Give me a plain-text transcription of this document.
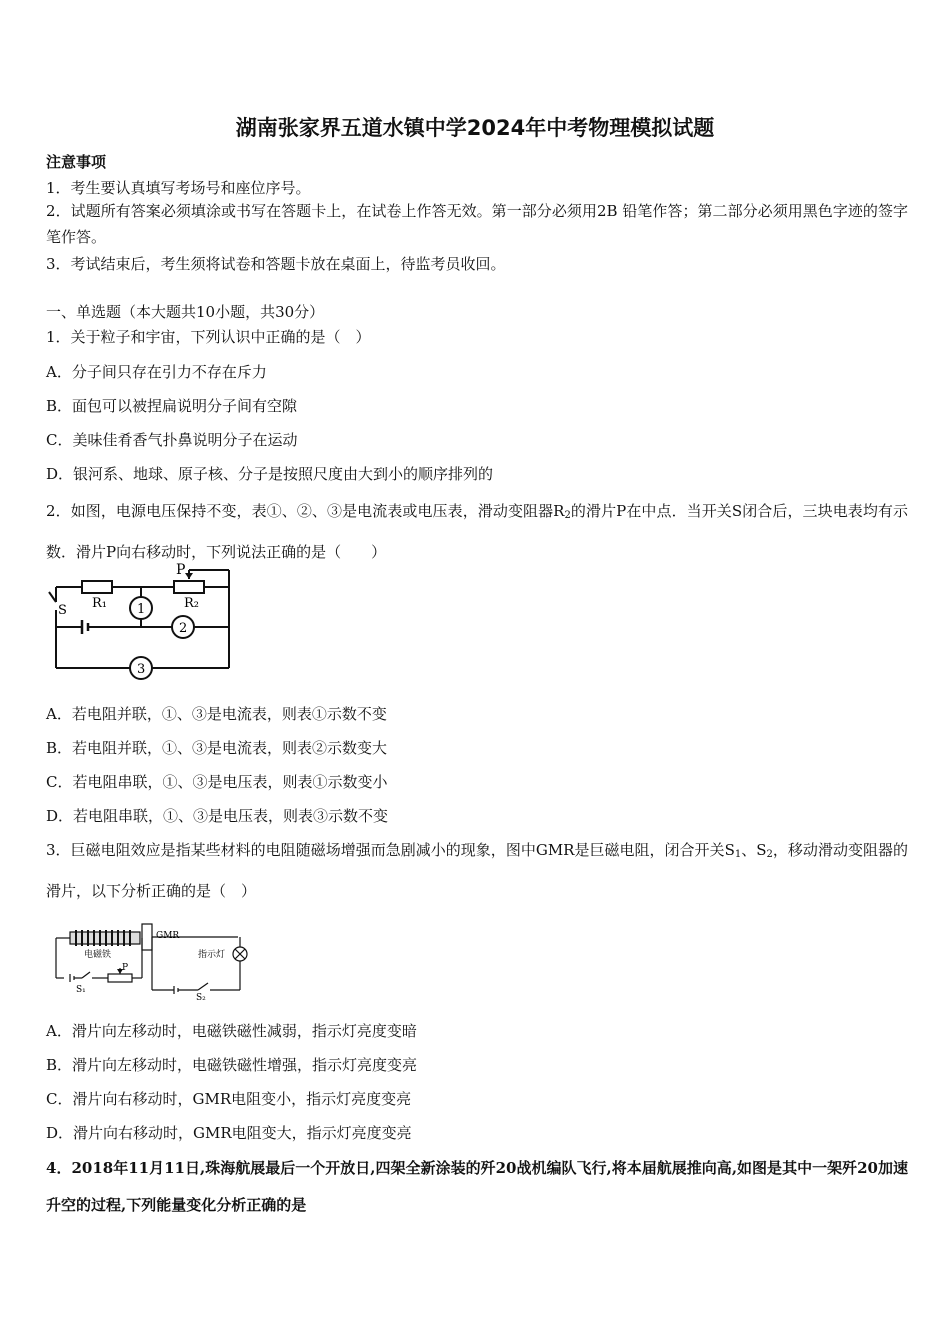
湖南张家界五道水镇中学2024年中考物理模拟试题
注意事项
1．考生要认真填写考场号和座位序号。
2．试题所有答案必须填涂或书写在答题卡上，在试卷上作答无效。第一部分必须用2B 铅笔作答；第二部分必须用黑色字迹的签字笔作答。
3．考试结束后，考生须将试卷和答题卡放在桌面上，待监考员收回。
一、单选题（本大题共10小题，共30分）
1．关于粒子和宇宙，下列认识中正确的是（　）
A．分子间只存在引力不存在斥力
B．面包可以被捏扁说明分子间有空隙
C．美味佳肴香气扑鼻说明分子在运动
D．银河系、地球、原子核、分子是按照尺度由大到小的顺序排列的
2．如图，电源电压保持不变，表①、②、③是电流表或电压表，滑动变阻器$R_2$的滑片P在中点．当开关S闭合后，三块电表均有示数．滑片P向右移动时，下列说法正确的是（　　）
P
S R₁	R₂
1
2
3
A．若电阻并联，①、③是电流表，则表①示数不变
B．若电阻并联，①、③是电流表，则表②示数变大
C．若电阻串联，①、③是电压表，则表①示数变小
D．若电阻串联，①、③是电压表，则表③示数不变
3．巨磁电阻效应是指某些材料的电阻随磁场增强而急剧减小的现象，图中GMR是巨磁电阻，闭合开关$S_1$、$S_2$，移动滑动变阻器的滑片，以下分析正确的是（　）
电磁铁
GMR
指示灯
P
S₁
S₂
A．滑片向左移动时，电磁铁磁性减弱，指示灯亮度变暗
B．滑片向左移动时，电磁铁磁性增强，指示灯亮度变亮
C．滑片向右移动时，GMR电阻变小，指示灯亮度变亮
D．滑片向右移动时，GMR电阻变大，指示灯亮度变亮
4．2018年11月11日,珠海航展最后一个开放日,四架全新涂装的歼20战机编队飞行,将本届航展推向高,如图是其中一架歼20加速升空的过程,下列能量变化分析正确的是
